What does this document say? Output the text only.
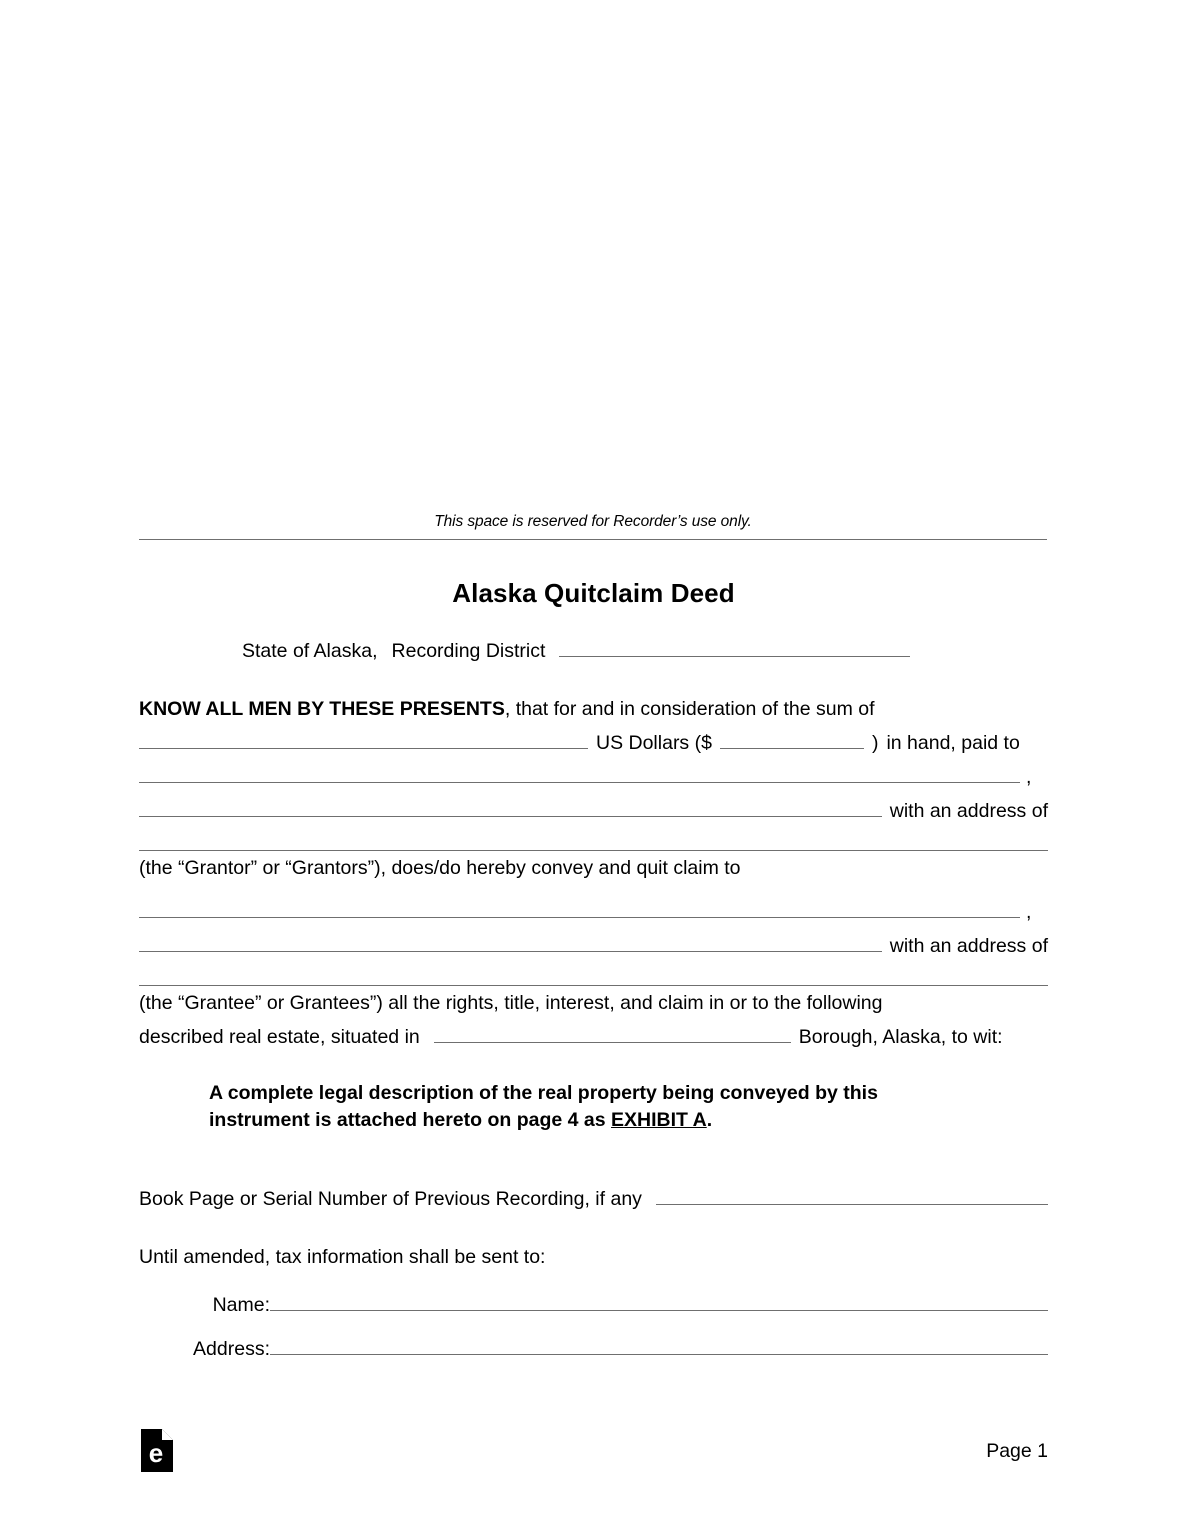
This space is reserved for Recorder’s use only.
Alaska Quitclaim Deed
State of Alaska, Recording District
KNOW ALL MEN BY THESE PRESENTS , that for and in consideration of the sum of
US Dollars ($	) in hand, paid to
,
with an address of
(the “Grantor” or “Grantors”), does/do hereby convey and quit claim to
,
with an address of
(the “Grantee” or Grantees”) all the rights, title, interest, and claim in or to the following
described real estate, situated in	Borough, Alaska, to wit:
A complete legal description of the real property being conveyed by this
instrument is attached hereto on page 4 as EXHIBIT A.
Book Page or Serial Number of Previous Recording, if any
Until amended, tax information shall be sent to:
Name:
Address:
e	Page 1
